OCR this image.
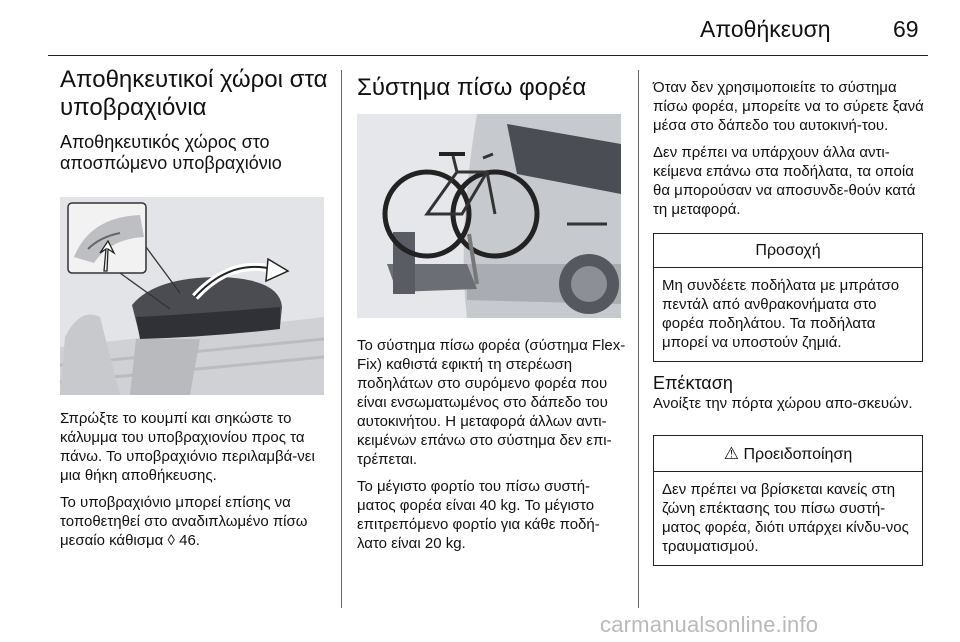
Αποθήκευση	69
Αποθηκευτικοί χώροι στα υποβραχιόνια
Αποθηκευτικός χώρος στο αποσπώμενο υποβραχιόνιο

Σπρώξτε το κουμπί και σηκώστε το κάλυμμα του υποβραχιονίου προς τα πάνω. Το υποβραχιόνιο περιλαμβά-νει μια θήκη αποθήκευσης.

Το υποβραχιόνιο μπορεί επίσης να τοποθετηθεί στο αναδιπλωμένο πίσω μεσαίο κάθισμα ◊ 46.

Σύστημα πίσω φορέα

Το σύστημα πίσω φορέα (σύστημα Flex-Fix) καθιστά εφικτή τη στερέωση ποδηλάτων στο συρόμενο φορέα που είναι ενσωματωμένος στο δάπεδο του αυτοκινήτου. Η μεταφορά άλλων αντι-κειμένων επάνω στο σύστημα δεν επι-τρέπεται.

Το μέγιστο φορτίο του πίσω συστή-ματος φορέα είναι 40 kg. Το μέγιστο επιτρεπόμενο φορτίο για κάθε ποδή-λατο είναι 20 kg.

Όταν δεν χρησιμοποιείτε το σύστημα πίσω φορέα, μπορείτε να το σύρετε ξανά μέσα στο δάπεδο του αυτοκινή-του.

Δεν πρέπει να υπάρχουν άλλα αντι-κείμενα επάνω στα ποδήλατα, τα οποία θα μπορούσαν να αποσυνδε-θούν κατά τη μεταφορά.

Προσοχή
Μη συνδέετε ποδήλατα με μπράτσο πεντάλ από ανθρακονήματα στο φορέα ποδηλάτου. Τα ποδήλατα μπορεί να υποστούν ζημιά.
Επέκταση

Ανοίξτε την πόρτα χώρου απο-σκευών.

⚠ Προειδοποίηση
Δεν πρέπει να βρίσκεται κανείς στη ζώνη επέκτασης του πίσω συστή-ματος φορέα, διότι υπάρχει κίνδυ-νος τραυματισμού.
carmanualsonline.info
